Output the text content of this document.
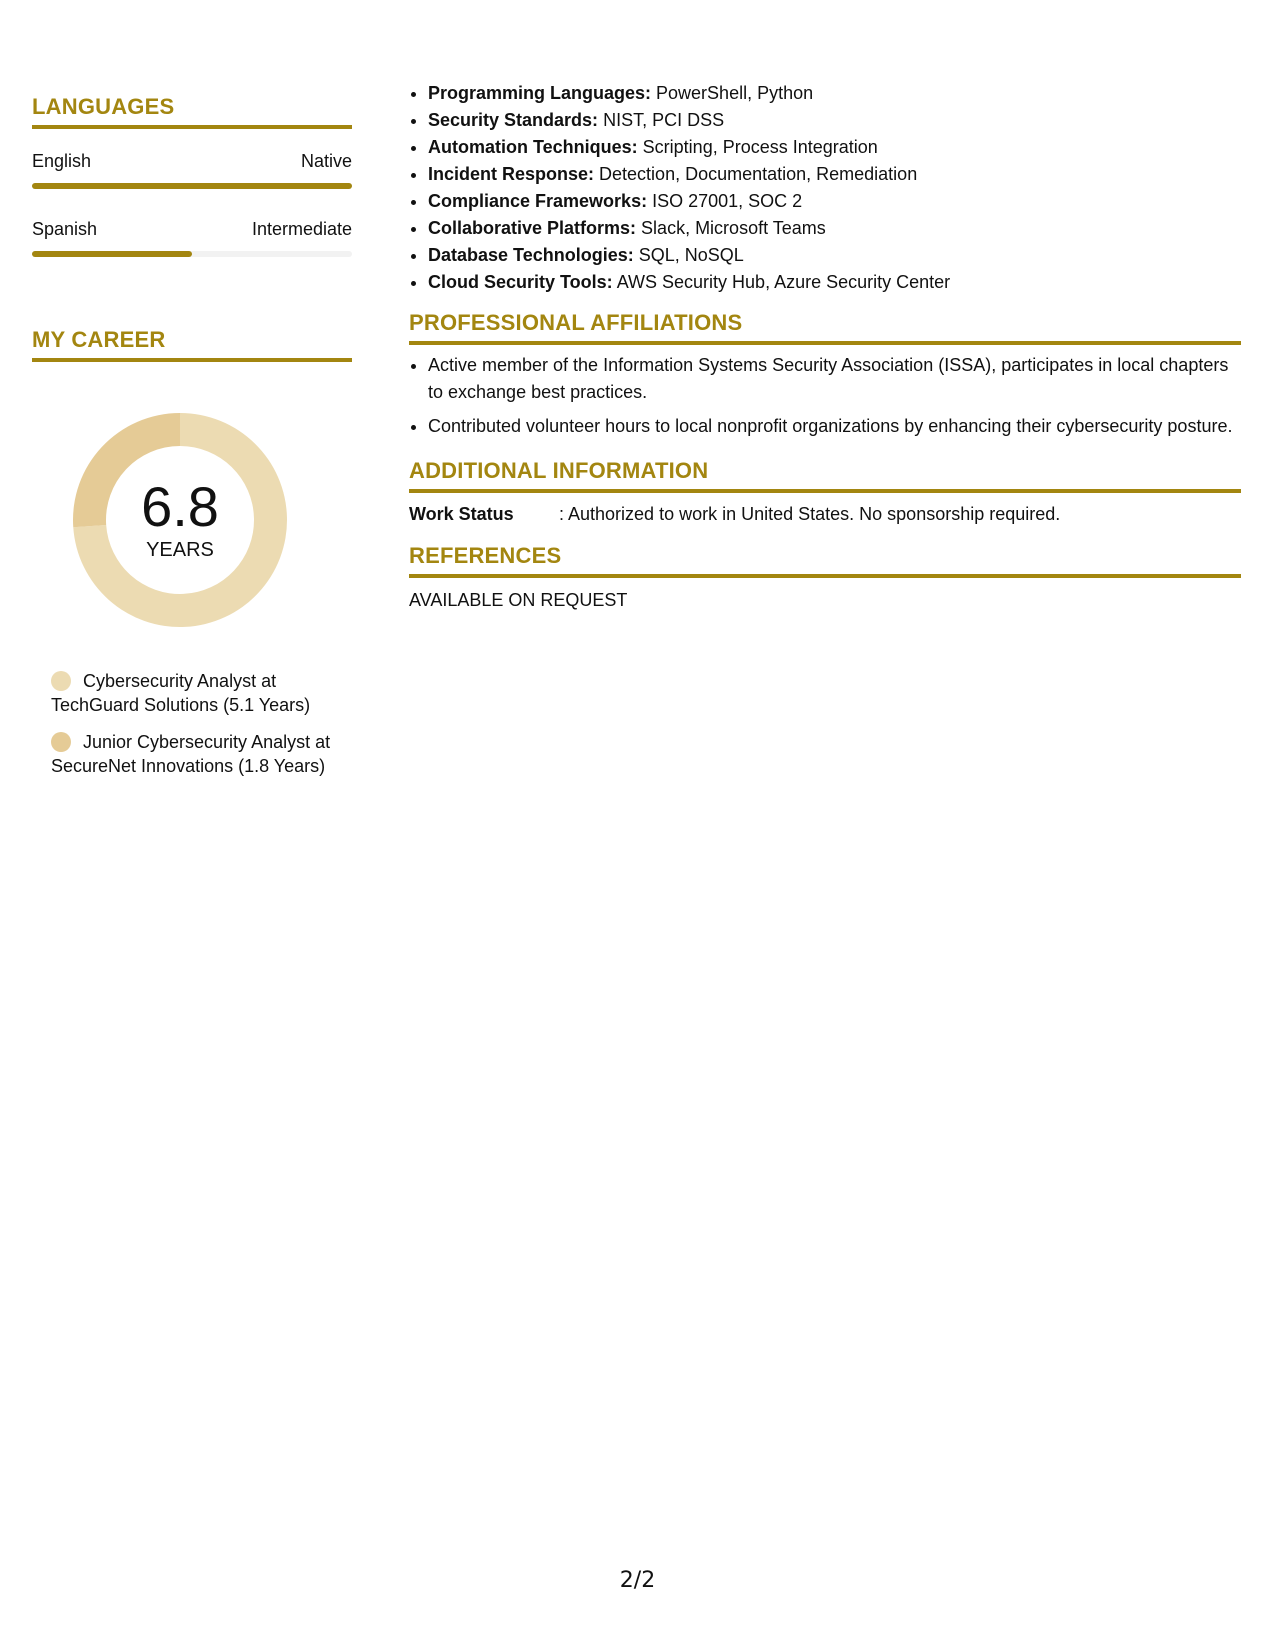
LANGUAGES
English	Native
Spanish	Intermediate
MY CAREER
6.8
YEARS
Cybersecurity Analyst at TechGuard Solutions (5.1 Years)
Junior Cybersecurity Analyst at SecureNet Innovations (1.8 Years)
• Programming Languages: PowerShell, Python
• Security Standards: NIST, PCI DSS
• Automation Techniques: Scripting, Process Integration
• Incident Response: Detection, Documentation, Remediation
• Compliance Frameworks: ISO 27001, SOC 2
• Collaborative Platforms: Slack, Microsoft Teams
• Database Technologies: SQL, NoSQL
• Cloud Security Tools: AWS Security Hub, Azure Security Center
PROFESSIONAL AFFILIATIONS
• Active member of the Information Systems Security Association (ISSA), participates in local chapters to exchange best practices.
• Contributed volunteer hours to local nonprofit organizations by enhancing their cybersecurity posture.
ADDITIONAL INFORMATION
Work Status	: Authorized to work in United States. No sponsorship required.
REFERENCES
AVAILABLE ON REQUEST
2/2
